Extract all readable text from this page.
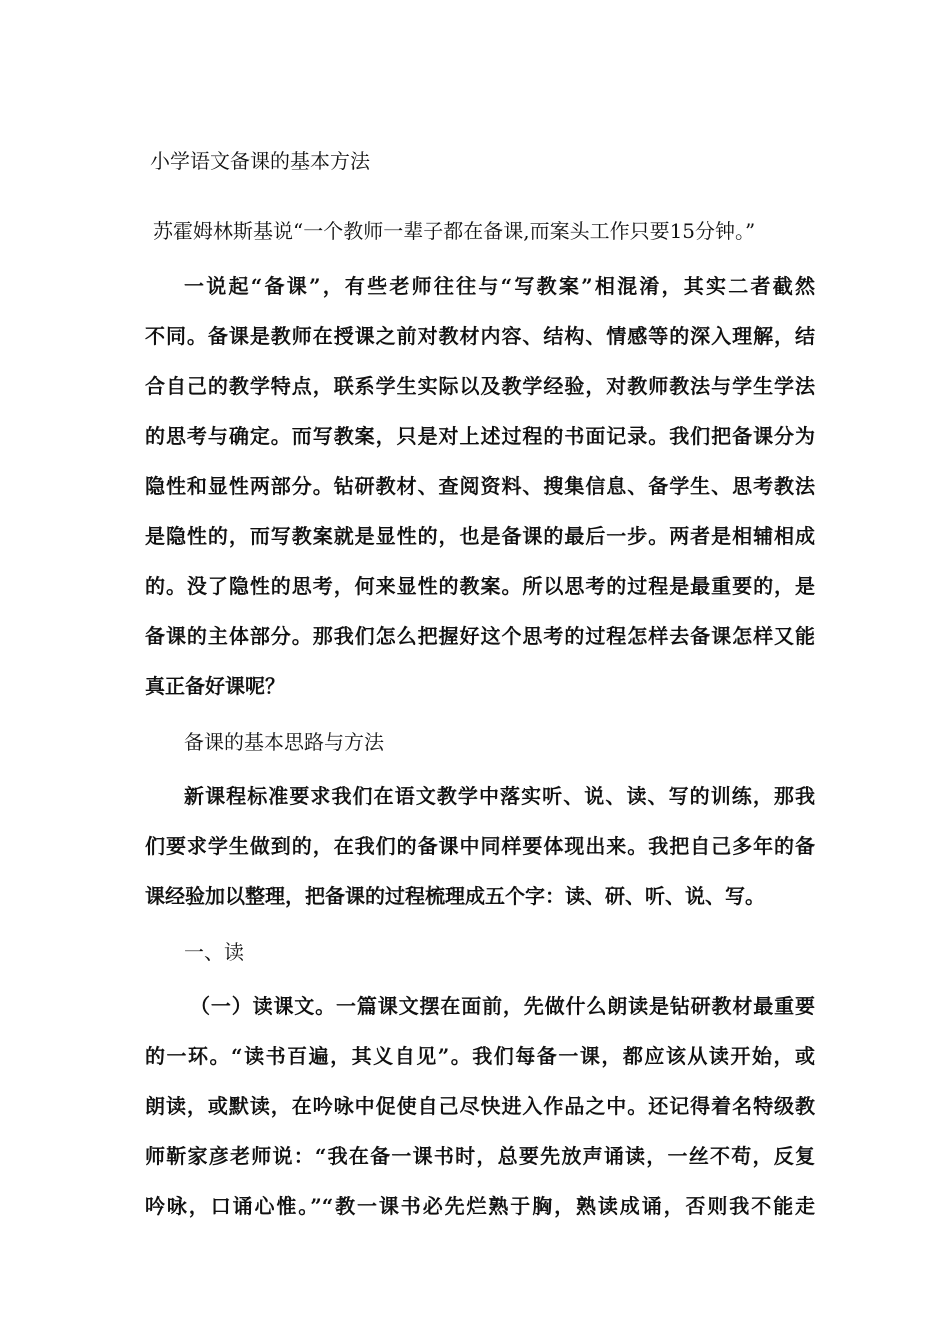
小学语文备课的基本方法
苏霍姆林斯基说“一个教师一辈子都在备课,而案头工作只要15分钟。”
一说起“备课”，有些老师往往与“写教案”相混淆，其实二者截然
不同。备课是教师在授课之前对教材内容、结构、情感等的深入理解，结
合自己的教学特点，联系学生实际以及教学经验，对教师教法与学生学法
的思考与确定。而写教案，只是对上述过程的书面记录。我们把备课分为
隐性和显性两部分。钻研教材、查阅资料、搜集信息、备学生、思考教法
是隐性的，而写教案就是显性的，也是备课的最后一步。两者是相辅相成
的。没了隐性的思考，何来显性的教案。所以思考的过程是最重要的，是
备课的主体部分。那我们怎么把握好这个思考的过程怎样去备课怎样又能
真正备好课呢？
备课的基本思路与方法
新课程标准要求我们在语文教学中落实听、说、读、写的训练，那我
们要求学生做到的，在我们的备课中同样要体现出来。我把自己多年的备
课经验加以整理，把备课的过程梳理成五个字：读、研、听、说、写。
一、读
（一）读课文。一篇课文摆在面前，先做什么朗读是钻研教材最重要
的一环。“读书百遍，其义自见”。我们每备一课，都应该从读开始，或
朗读，或默读，在吟咏中促使自己尽快进入作品之中。还记得着名特级教
师靳家彦老师说：“我在备一课书时，总要先放声诵读，一丝不苟，反复
吟咏，口诵心惟。”“教一课书必先烂熟于胸，熟读成诵，否则我不能走
